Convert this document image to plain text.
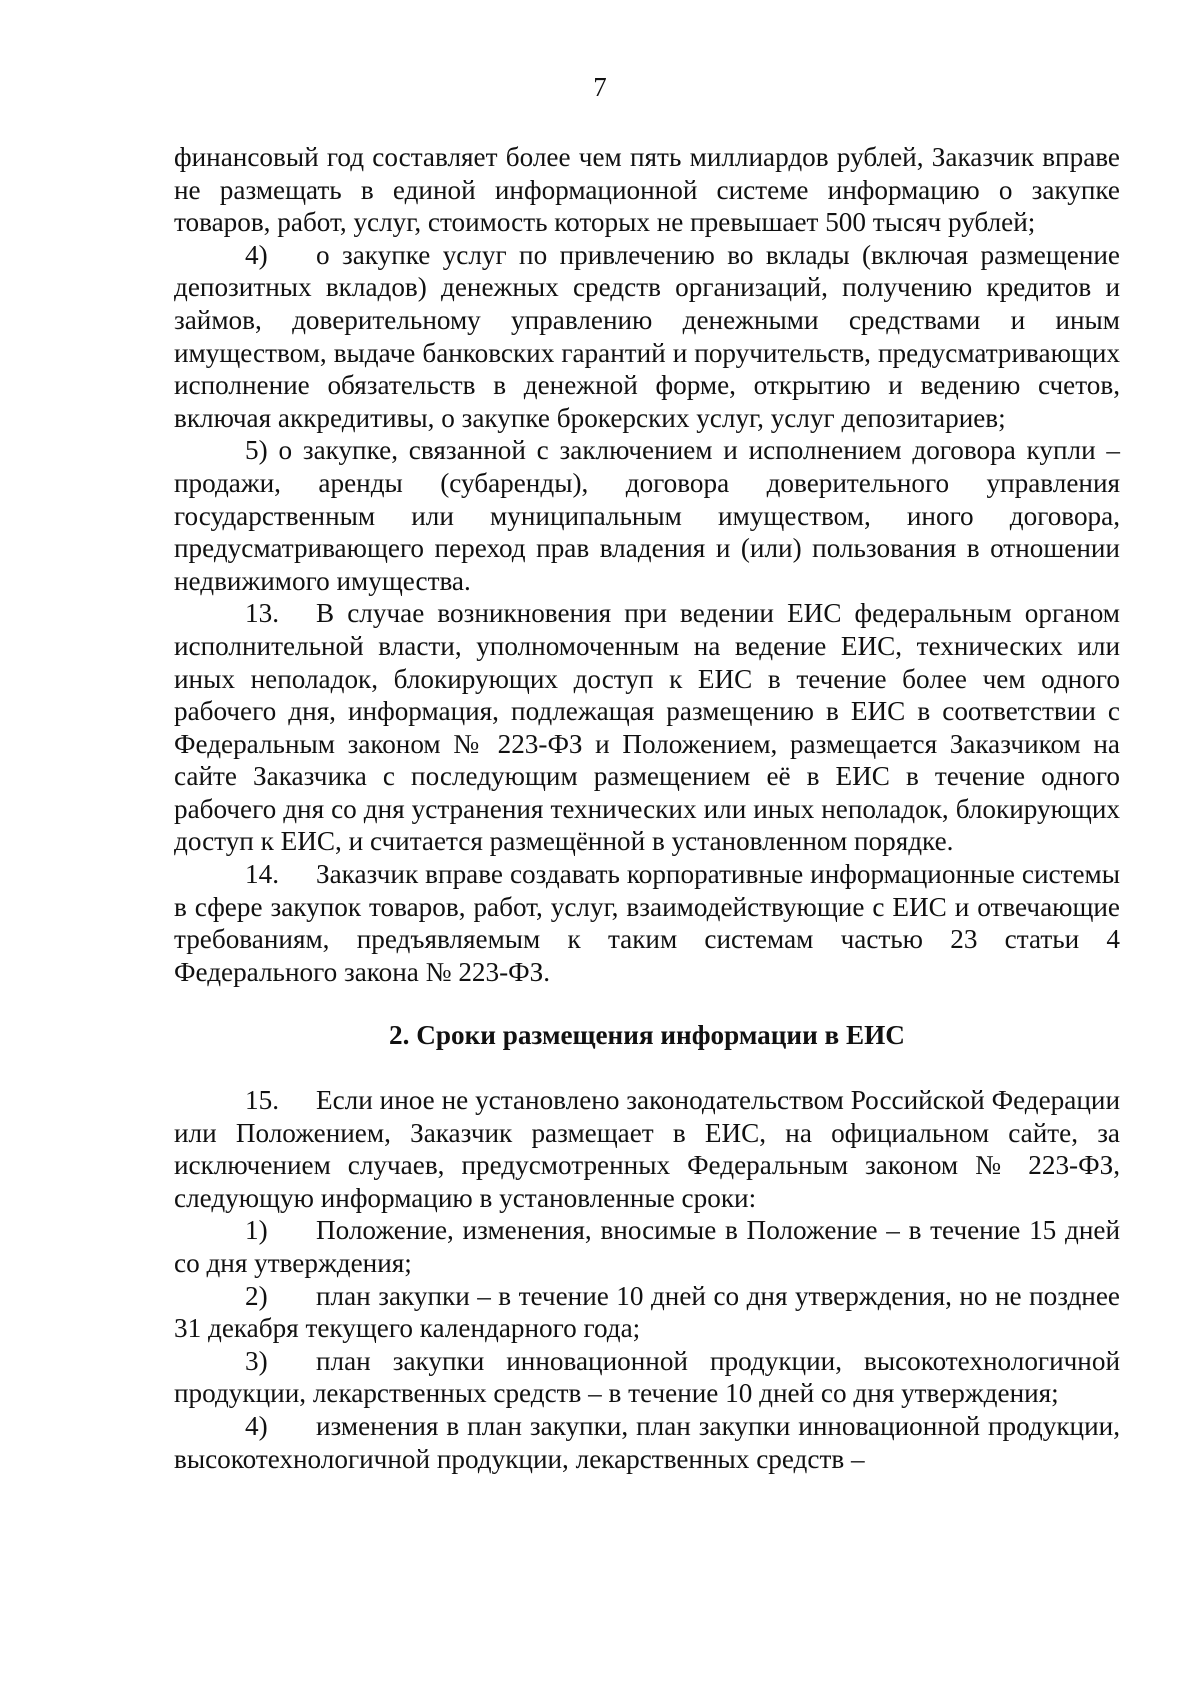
7

финансовый год составляет более чем пять миллиардов рублей, Заказчик вправе не размещать в единой информационной системе информацию о закупке товаров, работ, услуг, стоимость которых не превышает 500 тысяч рублей;

4) о закупке услуг по привлечению во вклады (включая размещение депозитных вкладов) денежных средств организаций, получению кредитов и займов, доверительному управлению денежными средствами и иным имуществом, выдаче банковских гарантий и поручительств, предусматривающих исполнение обязательств в денежной форме, открытию и ведению счетов, включая аккредитивы, о закупке брокерских услуг, услуг депозитариев;

5) о закупке, связанной с заключением и исполнением договора купли – продажи, аренды (субаренды), договора доверительного управления государственным или муниципальным имуществом, иного договора, предусматривающего переход прав владения и (или) пользования в отношении недвижимого имущества.

13. В случае возникновения при ведении ЕИС федеральным органом исполнительной власти, уполномоченным на ведение ЕИС, технических или иных неполадок, блокирующих доступ к ЕИС в течение более чем одного рабочего дня, информация, подлежащая размещению в ЕИС в соответствии с Федеральным законом № 223-ФЗ и Положением, размещается Заказчиком на сайте Заказчика с последующим размещением её в ЕИС в течение одного рабочего дня со дня устранения технических или иных неполадок, блокирующих доступ к ЕИС, и считается размещённой в установленном порядке.

14. Заказчик вправе создавать корпоративные информационные системы в сфере закупок товаров, работ, услуг, взаимодействующие с ЕИС и отвечающие требованиям, предъявляемым к таким системам частью 23 статьи 4 Федерального закона № 223-ФЗ.

2. Сроки размещения информации в ЕИС

15. Если иное не установлено законодательством Российской Федерации или Положением, Заказчик размещает в ЕИС, на официальном сайте, за исключением случаев, предусмотренных Федеральным законом № 223-ФЗ, следующую информацию в установленные сроки:

1) Положение, изменения, вносимые в Положение – в течение 15 дней со дня утверждения;

2) план закупки – в течение 10 дней со дня утверждения, но не позднее 31 декабря текущего календарного года;

3) план закупки инновационной продукции, высокотехнологичной продукции, лекарственных средств – в течение 10 дней со дня утверждения;

4) изменения в план закупки, план закупки инновационной продукции, высокотехнологичной продукции, лекарственных средств –
